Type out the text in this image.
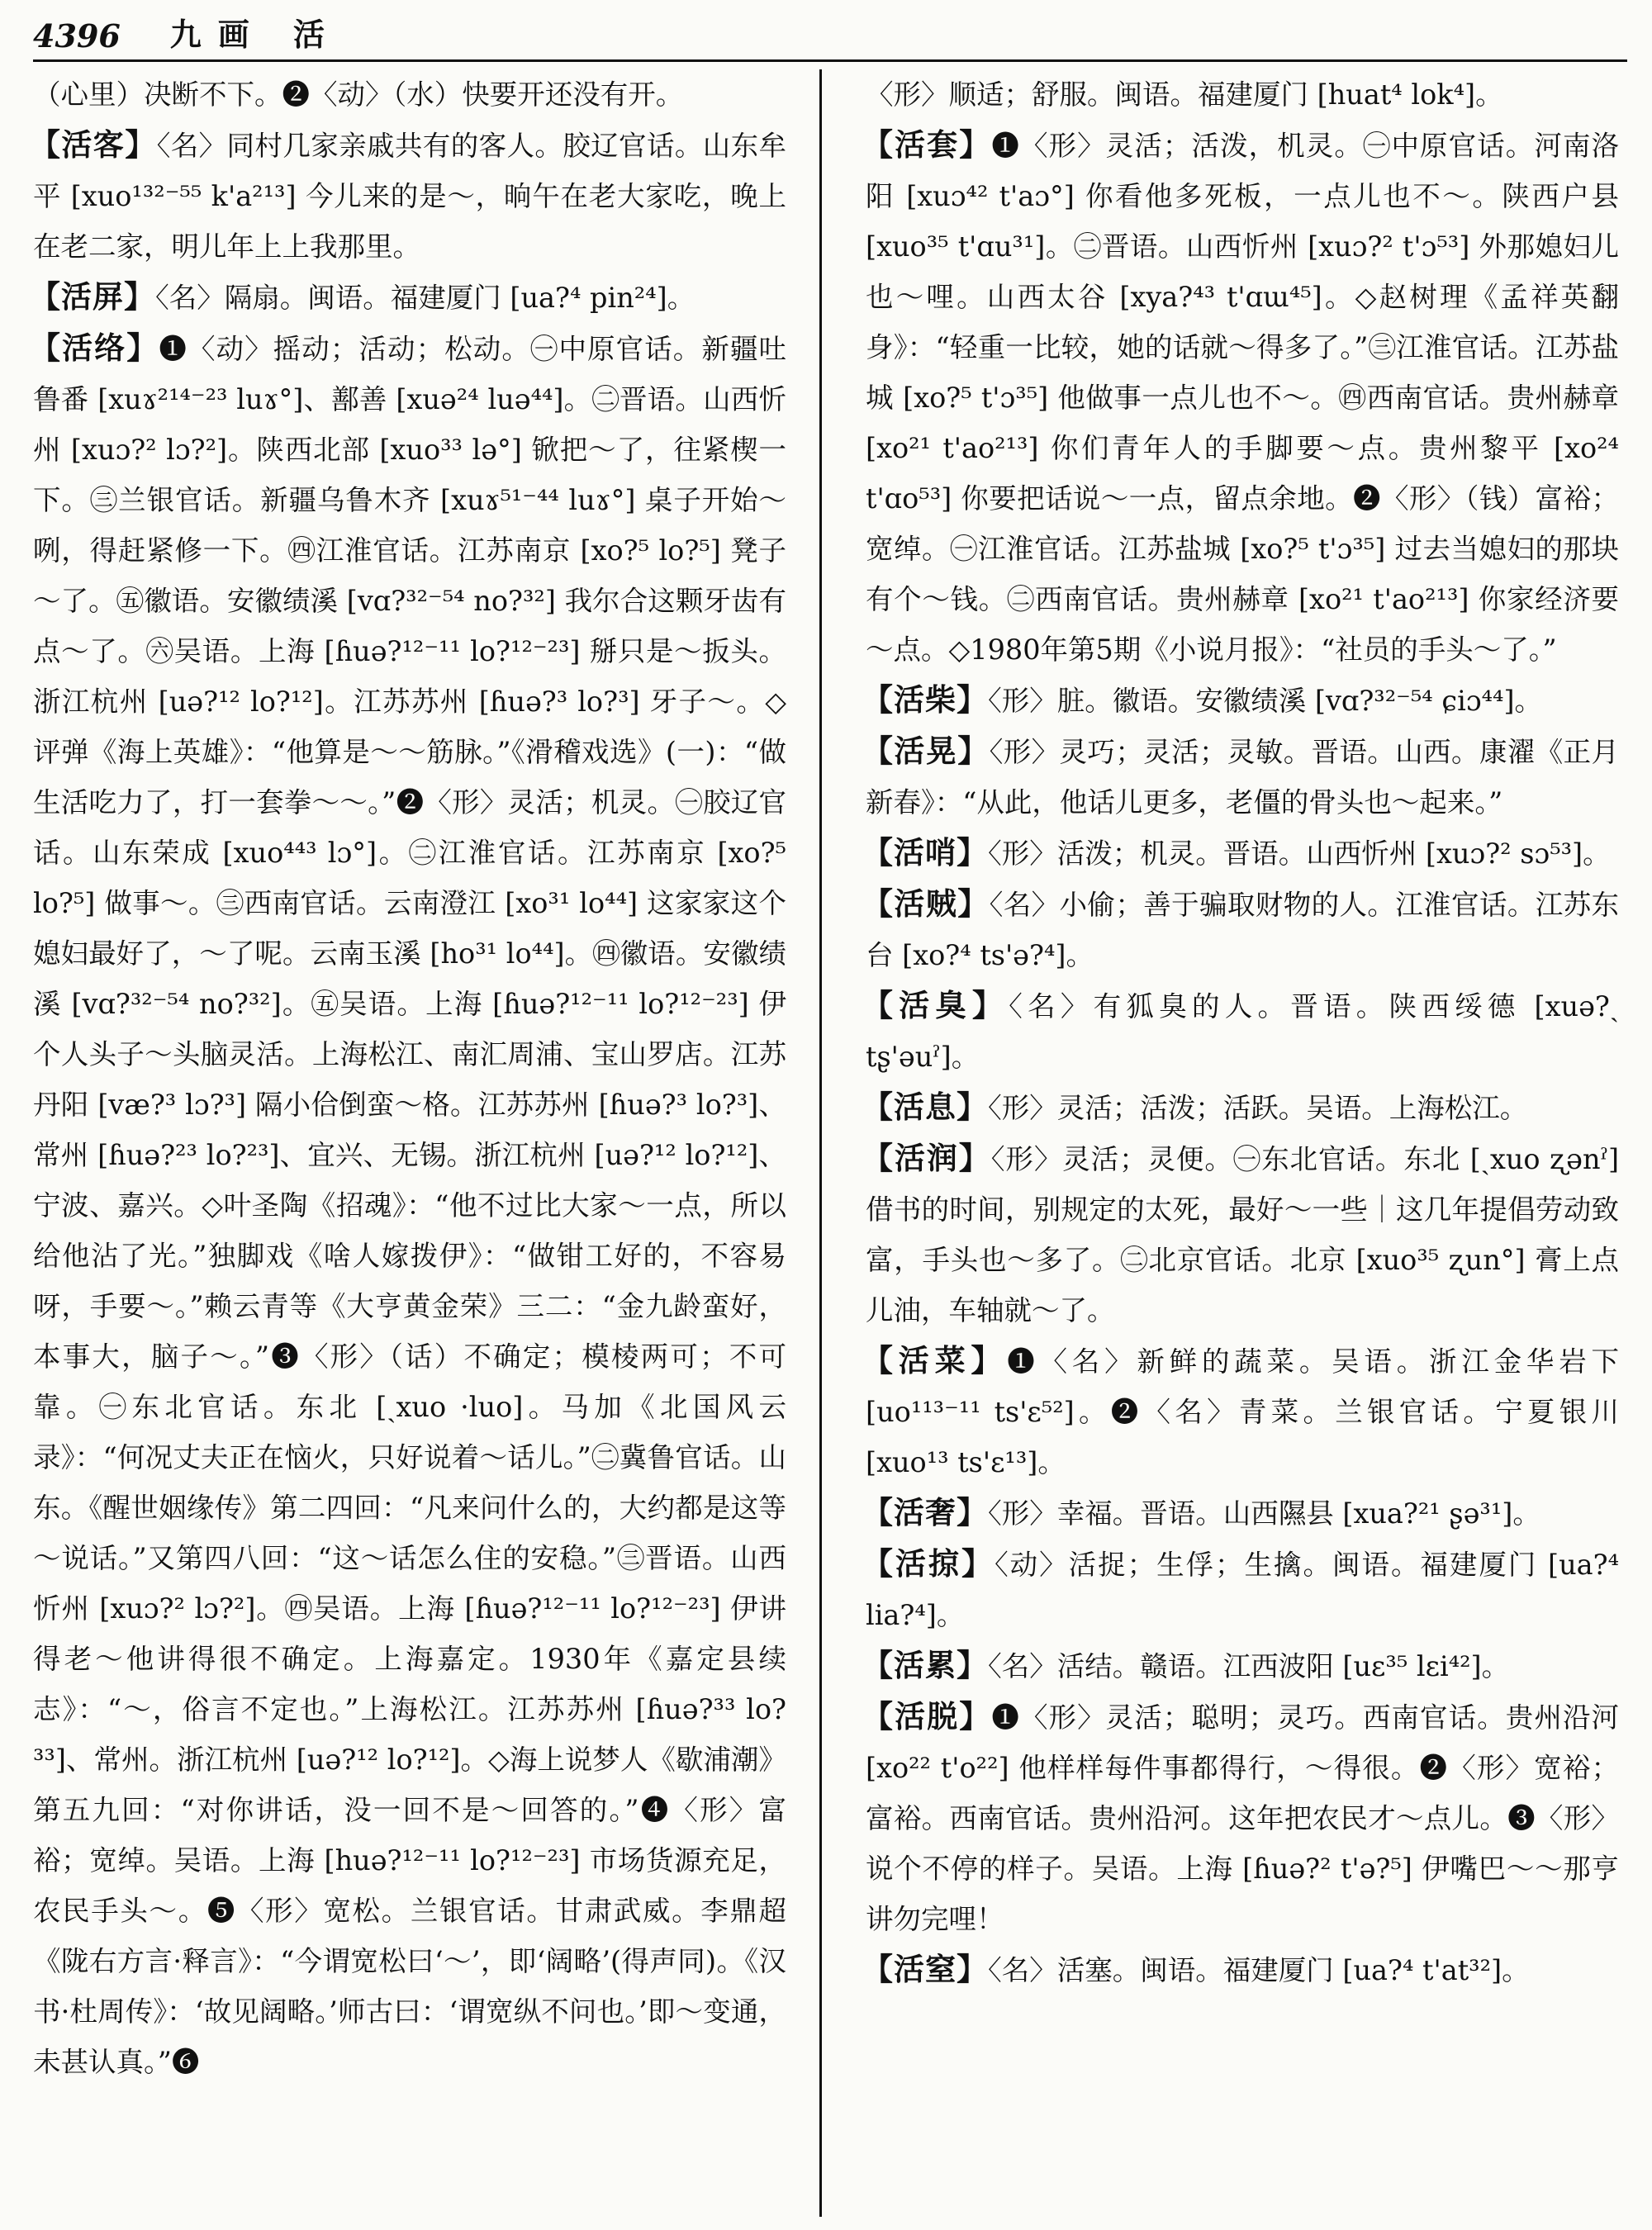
4396 九画 活

（心里）决断不下。❷〈动〉（水）快要开还没有开。

【活客】〈名〉同村几家亲戚共有的客人。胶辽官话。山东牟平 [xuo¹³²⁻⁵⁵ k'a²¹³] 今儿来的是～，晌午在老大家吃，晚上在老二家，明儿年上上我那里。

【活屏】〈名〉隔扇。闽语。福建厦门 [ua?⁴ pin²⁴]。

【活络】❶〈动〉摇动；活动；松动。㊀中原官话。新疆吐鲁番 [xuɤ²¹⁴⁻²³ luɤ°]、鄯善 [xuə²⁴ luə⁴⁴]。㊁晋语。山西忻州 [xuɔ?² lɔ?²]。陕西北部 [xuo³³ lə°] 锨把～了，往紧楔一下。㊂兰银官话。新疆乌鲁木齐 [xuɤ⁵¹⁻⁴⁴ luɤ°] 桌子开始～咧，得赶紧修一下。㊃江淮官话。江苏南京 [xo?⁵ lo?⁵] 凳子～了。㊄徽语。安徽绩溪 [vɑ?³²⁻⁵⁴ no?³²] 我尔合这颗牙齿有点～了。㊅吴语。上海 [ɦuə?¹²⁻¹¹ lo?¹²⁻²³] 掰只是～扳头。浙江杭州 [uə?¹² lo?¹²]。江苏苏州 [ɦuə?³ lo?³] 牙子～。◇评弹《海上英雄》：“他算是～～筋脉。”《滑稽戏选》(一)：“做生活吃力了，打一套拳～～。”❷〈形〉灵活；机灵。㊀胶辽官话。山东荣成 [xuo⁴⁴³ lɔ°]。㊁江淮官话。江苏南京 [xo?⁵ lo?⁵] 做事～。㊂西南官话。云南澄江 [xo³¹ lo⁴⁴] 这家家这个媳妇最好了，～了呢。云南玉溪 [ho³¹ lo⁴⁴]。㊃徽语。安徽绩溪 [vɑ?³²⁻⁵⁴ no?³²]。㊄吴语。上海 [ɦuə?¹²⁻¹¹ lo?¹²⁻²³] 伊个人头子～头脑灵活。上海松江、南汇周浦、宝山罗店。江苏丹阳 [væ?³ lɔ?³] 隔小佮倒蛮～格。江苏苏州 [ɦuə?³ lo?³]、常州 [ɦuə?²³ lo?²³]、宜兴、无锡。浙江杭州 [uə?¹² lo?¹²]、宁波、嘉兴。◇叶圣陶《招魂》：“他不过比大家～一点，所以给他沾了光。”独脚戏《啥人嫁拨伊》：“做钳工好的，不容易呀，手要～。”赖云青等《大亨黄金荣》三二：“金九龄蛮好，本事大，脑子～。”❸〈形〉（话）不确定；模棱两可；不可靠。㊀东北官话。东北 [ˏxuo ·luo]。马加《北国风云录》：“何况丈夫正在恼火，只好说着～话儿。”㊁冀鲁官话。山东。《醒世姻缘传》第二四回：“凡来问什么的，大约都是这等～说话。”又第四八回：“这～话怎么住的安稳。”㊂晋语。山西忻州 [xuɔ?² lɔ?²]。㊃吴语。上海 [ɦuə?¹²⁻¹¹ lo?¹²⁻²³] 伊讲得老～他讲得很不确定。上海嘉定。1930年《嘉定县续志》：“～，俗言不定也。”上海松江。江苏苏州 [ɦuə?³³ lo?³³]、常州。浙江杭州 [uə?¹² lo?¹²]。◇海上说梦人《歇浦潮》第五九回：“对你讲话，没一回不是～回答的。”❹〈形〉富裕；宽绰。吴语。上海 [huə?¹²⁻¹¹ lo?¹²⁻²³] 市场货源充足，农民手头～。❺〈形〉宽松。兰银官话。甘肃武威。李鼎超《陇右方言·释言》：“今谓宽松曰‘～’，即‘阔略’(得声同)。《汉书·杜周传》：‘故见阔略。’师古曰：‘谓宽纵不问也。’即～变通，未甚认真。”❻

〈形〉顺适；舒服。闽语。福建厦门 [huat⁴ lok⁴]。

【活套】❶〈形〉灵活；活泼，机灵。㊀中原官话。河南洛阳 [xuɔ⁴² t'aɔ°] 你看他多死板，一点儿也不～。陕西户县 [xuo³⁵ t'ɑu³¹]。㊁晋语。山西忻州 [xuɔ?² t'ɔ⁵³] 外那媳妇儿也～哩。山西太谷 [xya?⁴³ t'ɑɯ⁴⁵]。◇赵树理《孟祥英翻身》：“轻重一比较，她的话就～得多了。”㊂江淮官话。江苏盐城 [xo?⁵ t'ɔ³⁵] 他做事一点儿也不～。㊃西南官话。贵州赫章 [xo²¹ t'ao²¹³] 你们青年人的手脚要～点。贵州黎平 [xo²⁴ t'ɑo⁵³] 你要把话说～一点，留点余地。❷〈形〉（钱）富裕；宽绰。㊀江淮官话。江苏盐城 [xo?⁵ t'ɔ³⁵] 过去当媳妇的那块有个～钱。㊁西南官话。贵州赫章 [xo²¹ t'ao²¹³] 你家经济要～点。◇1980年第5期《小说月报》：“社员的手头～了。”

【活柴】〈形〉脏。徽语。安徽绩溪 [vɑ?³²⁻⁵⁴ ɕiɔ⁴⁴]。

【活晃】〈形〉灵巧；灵活；灵敏。晋语。山西。康濯《正月新春》：“从此，他话儿更多，老僵的骨头也～起来。”

【活哨】〈形〉活泼；机灵。晋语。山西忻州 [xuɔ?² sɔ⁵³]。

【活贼】〈名〉小偷；善于骗取财物的人。江淮官话。江苏东台 [xo?⁴ ts'ə?⁴]。

【活臭】〈名〉有狐臭的人。晋语。陕西绥德 [xuə?ˏ tʂ'əuˀ]。

【活息】〈形〉灵活；活泼；活跃。吴语。上海松江。

【活润】〈形〉灵活；灵便。㊀东北官话。东北 [ˏxuo ʐənˀ] 借书的时间，别规定的太死，最好～一些｜这几年提倡劳动致富，手头也～多了。㊁北京官话。北京 [xuo³⁵ ʐun°] 膏上点儿油，车轴就～了。

【活菜】❶〈名〉新鲜的蔬菜。吴语。浙江金华岩下 [uo¹¹³⁻¹¹ ts'ɛ⁵²]。❷〈名〉青菜。兰银官话。宁夏银川 [xuo¹³ ts'ɛ¹³]。

【活奢】〈形〉幸福。晋语。山西隰县 [xua?²¹ ʂə³¹]。

【活掠】〈动〉活捉；生俘；生擒。闽语。福建厦门 [ua?⁴ lia?⁴]。

【活累】〈名〉活结。赣语。江西波阳 [uɛ³⁵ lɛi⁴²]。

【活脱】❶〈形〉灵活；聪明；灵巧。西南官话。贵州沿河 [xo²² t'o²²] 他样样每件事都得行，～得很。❷〈形〉宽裕；富裕。西南官话。贵州沿河。这年把农民才～点儿。❸〈形〉说个不停的样子。吴语。上海 [ɦuə?² t'ə?⁵] 伊嘴巴～～那亨讲勿完哩！

【活窒】〈名〉活塞。闽语。福建厦门 [ua?⁴ t'at³²]。
